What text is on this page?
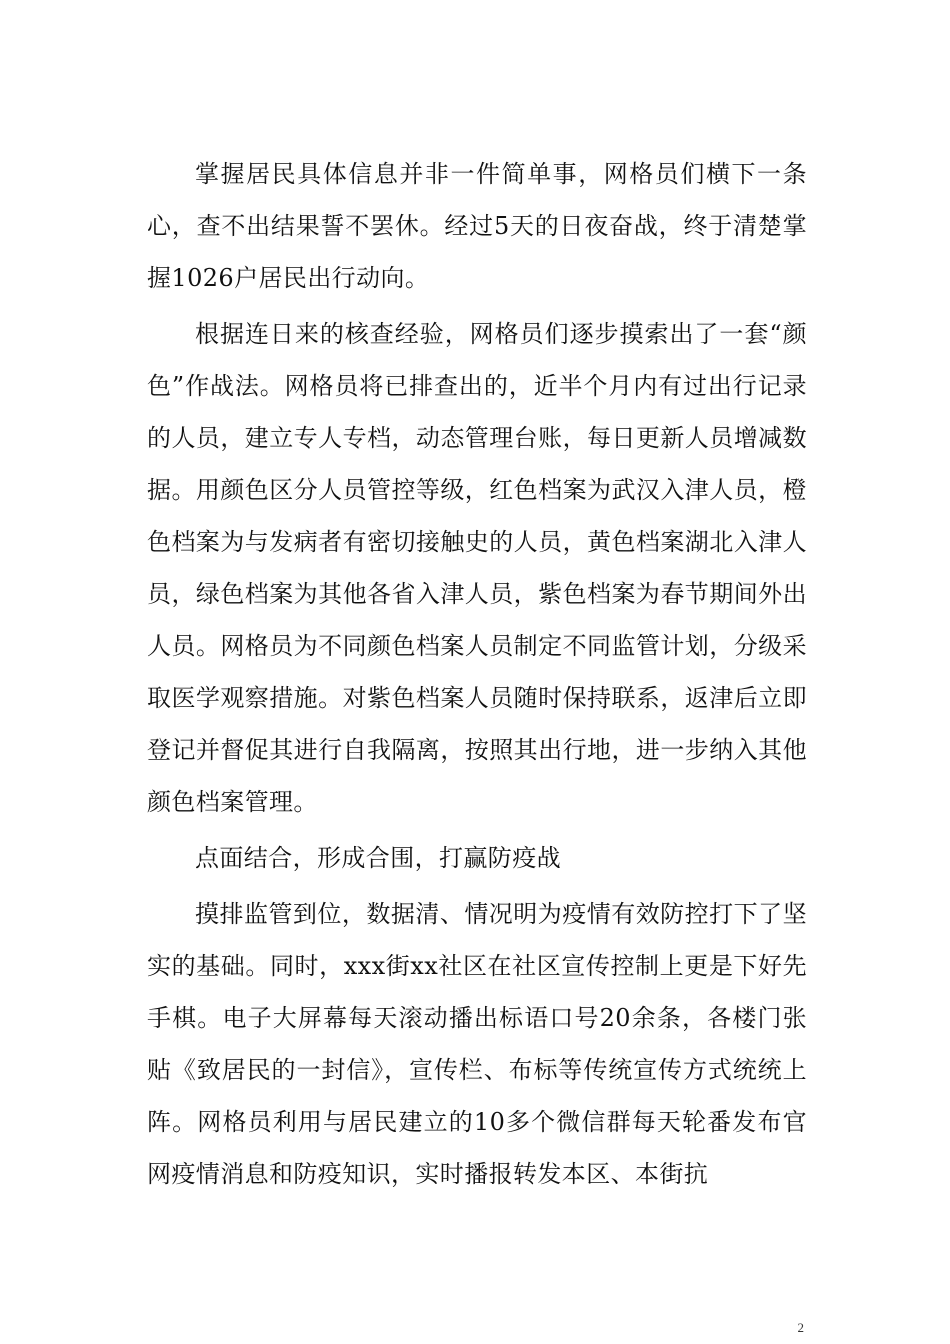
掌握居民具体信息并非一件简单事，网格员们横下一条心，查不出结果誓不罢休。经过5天的日夜奋战，终于清楚掌握1026户居民出行动向。

根据连日来的核查经验，网格员们逐步摸索出了一套“颜色”作战法。网格员将已排查出的，近半个月内有过出行记录的人员，建立专人专档，动态管理台账，每日更新人员增减数据。用颜色区分人员管控等级，红色档案为武汉入津人员，橙色档案为与发病者有密切接触史的人员，黄色档案湖北入津人员，绿色档案为其他各省入津人员，紫色档案为春节期间外出人员。网格员为不同颜色档案人员制定不同监管计划，分级采取医学观察措施。对紫色档案人员随时保持联系，返津后立即登记并督促其进行自我隔离，按照其出行地，进一步纳入其他颜色档案管理。

点面结合，形成合围，打赢防疫战

摸排监管到位，数据清、情况明为疫情有效防控打下了坚实的基础。同时，xxx街xx社区在社区宣传控制上更是下好先手棋。电子大屏幕每天滚动播出标语口号20余条，各楼门张贴《致居民的一封信》，宣传栏、布标等传统宣传方式统统上阵。网格员利用与居民建立的10多个微信群每天轮番发布官网疫情消息和防疫知识，实时播报转发本区、本街抗

2
